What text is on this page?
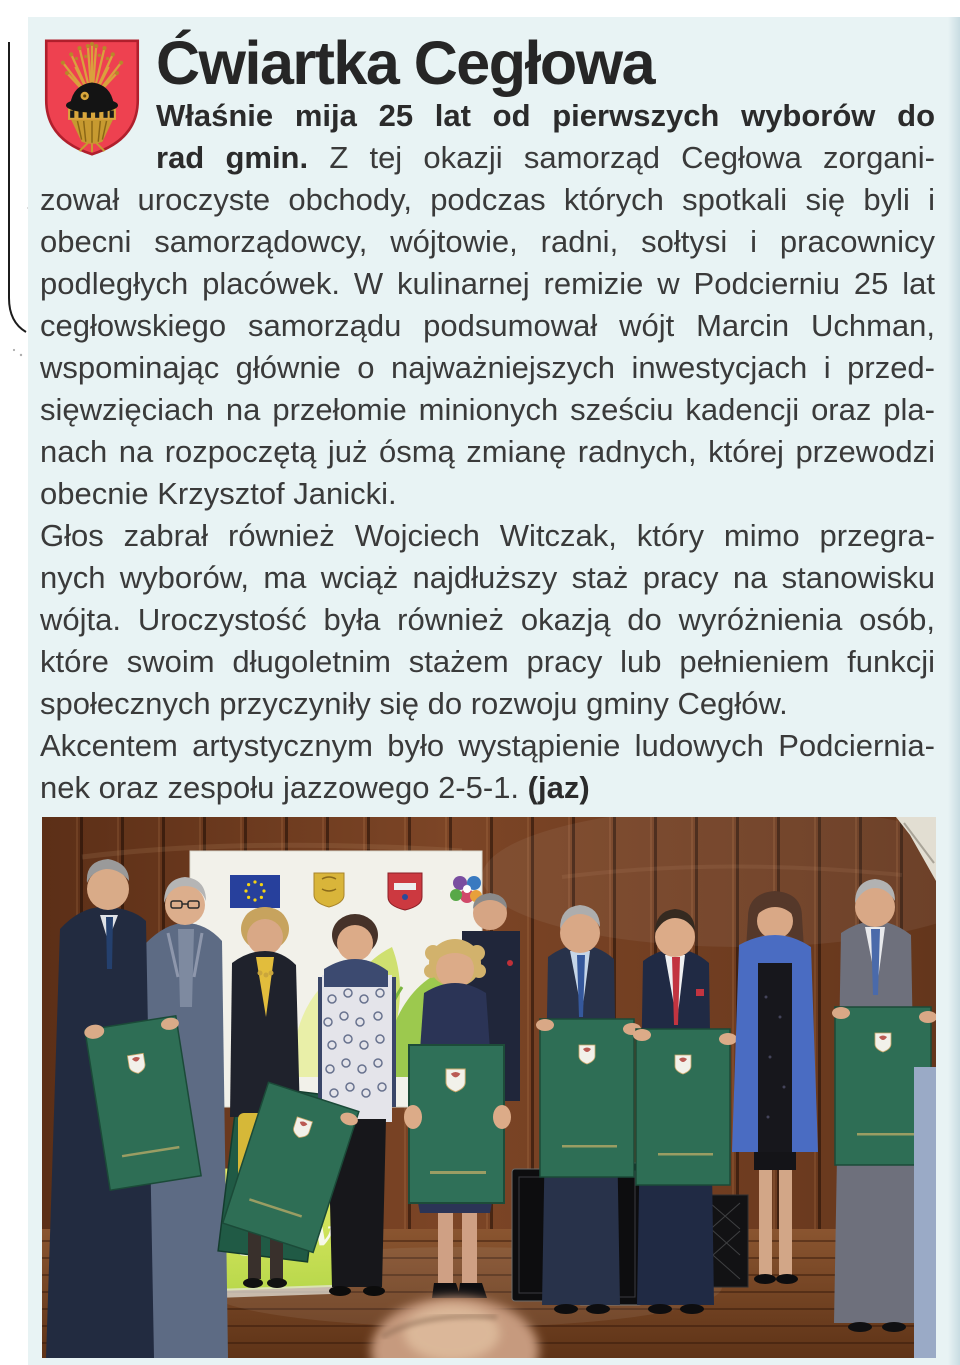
Ćwiartka Cegłowa
Właśnie mija 25 lat od pierwszych wyborów do
rad gmin. Z tej okazji samorząd Cegłowa zorgani-
zował uroczyste obchody, podczas których spotkali się byli i
obecni samorządowcy, wójtowie, radni, sołtysi i pracownicy
podległych placówek. W kulinarnej remizie w Podcierniu 25 lat
cegłowskiego samorządu podsumował wójt Marcin Uchman,
wspominając głównie o najważniejszych inwestycjach i przed-
sięwzięciach na przełomie minionych sześciu kadencji oraz pla-
nach na rozpoczętą już ósmą zmianę radnych, której przewodzi
obecnie Krzysztof Janicki.
Głos zabrał również Wojciech Witczak, który mimo przegra-
nych wyborów, ma wciąż najdłuższy staż pracy na stanowisku
wójta. Uroczystość była również okazją do wyróżnienia osób,
które swoim długoletnim stażem pracy lub pełnieniem funkcji
społecznych przyczyniły się do rozwoju gminy Cegłów.
Akcentem artystycznym było wystąpienie ludowych Podciernia-
nek oraz zespołu jazzowego 2-5-1. (jaz)
